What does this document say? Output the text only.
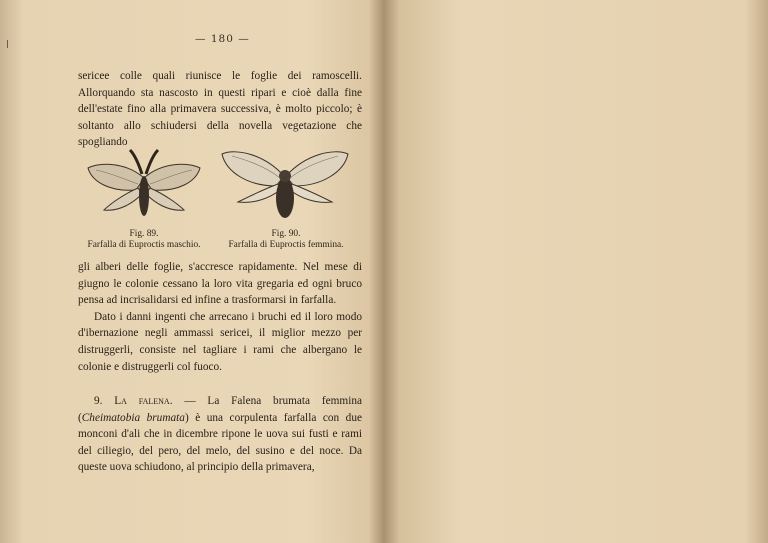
— 180 —

sericee colle quali riunisce le foglie dei ramoscelli. Allorquando sta nascosto in questi ripari e cioè dalla fine dell'estate fino alla primavera successiva, è molto piccolo; è soltanto allo schiudersi della novella vegetazione che spogliando

Fig. 89.
Farfalla di Euproctis maschio.
Fig. 90.
Farfalla di Euproctis femmina.

gli alberi delle foglie, s'accresce rapidamente. Nel mese di giugno le colonie cessano la loro vita gregaria ed ogni bruco pensa ad incrisalidarsi ed infine a trasformarsi in farfalla.

Dato i danni ingenti che arrecano i bruchi ed il loro modo d'ibernazione negli ammassi sericei, il miglior mezzo per distruggerli, consiste nel tagliare i rami che albergano le colonie e distruggerli col fuoco.

9. La falena. — La Falena brumata femmina (Cheimatobia brumata) è una corpulenta farfalla con due monconi d'ali che in dicembre ripone le uova sui fusti e rami del ciliegio, del pero, del melo, del susino e del noce. Da queste uova schiudono, al principio della primavera,
